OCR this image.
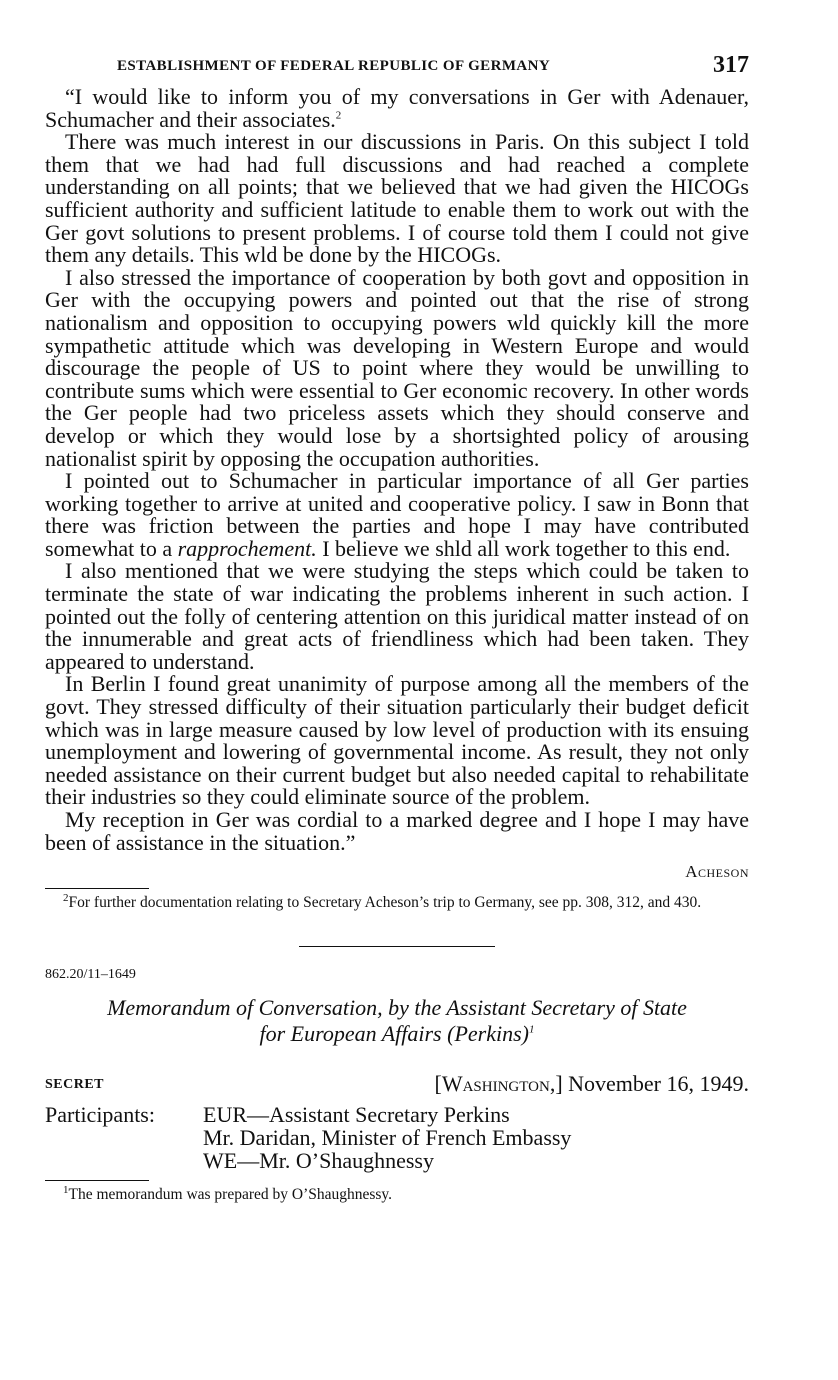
ESTABLISHMENT OF FEDERAL REPUBLIC OF GERMANY	317

“I would like to inform you of my conversations in Ger with Adenauer, Schumacher and their associates.$^2$

There was much interest in our discussions in Paris. On this subject I told them that we had had full discussions and had reached a complete understanding on all points; that we believed that we had given the HICOGs sufficient authority and sufficient latitude to enable them to work out with the Ger govt solutions to present problems. I of course told them I could not give them any details. This wld be done by the HICOGs.

I also stressed the importance of cooperation by both govt and opposition in Ger with the occupying powers and pointed out that the rise of strong nationalism and opposition to occupying powers wld quickly kill the more sympathetic attitude which was developing in Western Europe and would discourage the people of US to point where they would be unwilling to contribute sums which were essential to Ger economic recovery. In other words the Ger people had two priceless assets which they should conserve and develop or which they would lose by a shortsighted policy of arousing nationalist spirit by opposing the occupation authorities.

I pointed out to Schumacher in particular importance of all Ger parties working together to arrive at united and cooperative policy. I saw in Bonn that there was friction between the parties and hope I may have contributed somewhat to a rapprochement. I believe we shld all work together to this end.

I also mentioned that we were studying the steps which could be taken to terminate the state of war indicating the problems inherent in such action. I pointed out the folly of centering attention on this juridical matter instead of on the innumerable and great acts of friendliness which had been taken. They appeared to understand.

In Berlin I found great unanimity of purpose among all the members of the govt. They stressed difficulty of their situation particularly their budget deficit which was in large measure caused by low level of production with its ensuing unemployment and lowering of governmental income. As result, they not only needed assistance on their current budget but also needed capital to rehabilitate their industries so they could eliminate source of the problem.

My reception in Ger was cordial to a marked degree and I hope I may have been of assistance in the situation.”

Acheson

$^2$For further documentation relating to Secretary Acheson’s trip to Germany, see pp. 308, 312, and 430.

862.20/11–1649
Memorandum of Conversation, by the Assistant Secretary of State
for European Affairs (Perkins)$^1$
SECRET	[Washington,] November 16, 1949.
Participants:	EUR—Assistant Secretary Perkins
Mr. Daridan, Minister of French Embassy
WE—Mr. O’Shaughnessy

$^1$The memorandum was prepared by O’Shaughnessy.
